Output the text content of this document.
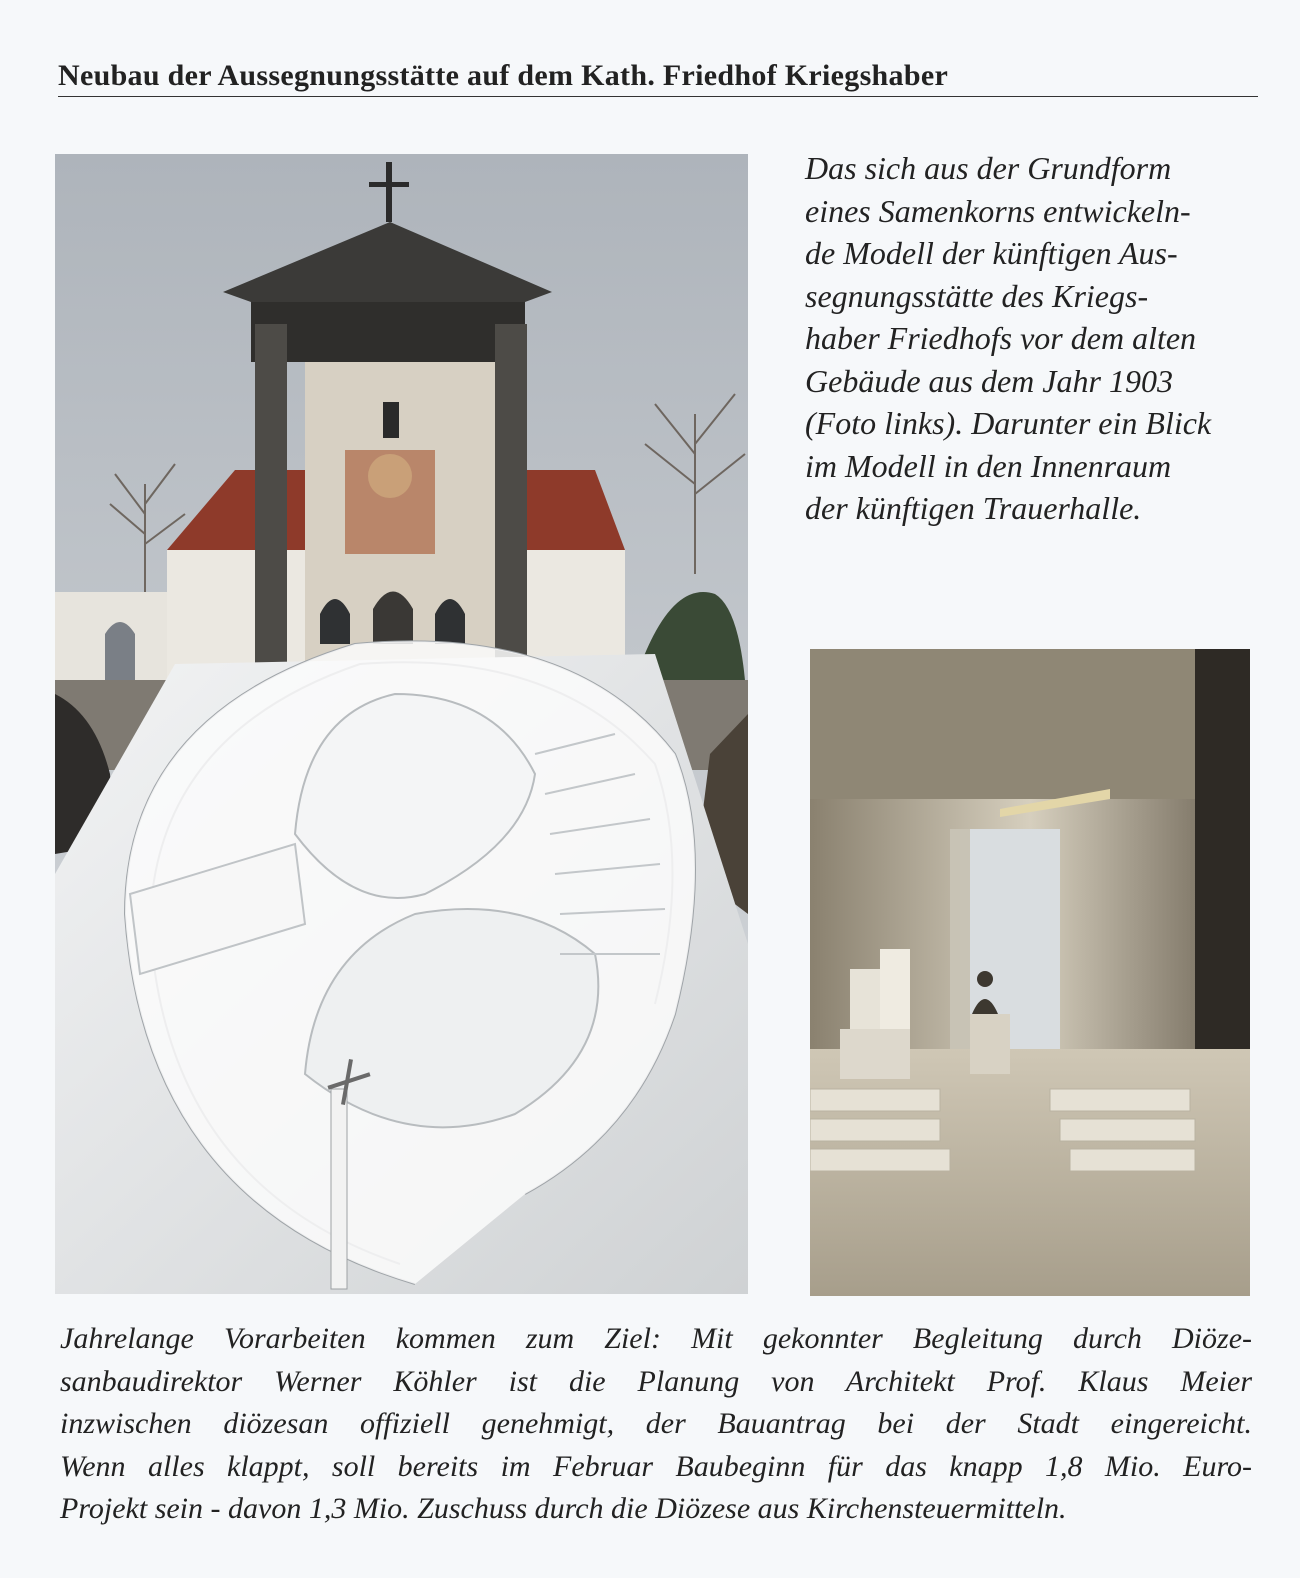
Neubau der Aussegnungsstätte auf dem Kath. Friedhof Kriegshaber
Das sich aus der Grundform
eines Samenkorns entwickeln-
de Modell der künftigen Aus-
segnungsstätte des Kriegs-
haber Friedhofs vor dem alten
Gebäude aus dem Jahr 1903
(Foto links). Darunter ein Blick
im Modell in den Innenraum
der künftigen Trauerhalle.
Jahrelange Vorarbeiten kommen zum Ziel: Mit gekonnter Begleitung durch Diöze-
sanbaudirektor Werner Köhler ist die Planung von Architekt Prof. Klaus Meier
inzwischen diözesan offiziell genehmigt, der Bauantrag bei der Stadt eingereicht.
Wenn alles klappt, soll bereits im Februar Baubeginn für das knapp 1,8 Mio. Euro-
Projekt sein - davon 1,3 Mio. Zuschuss durch die Diözese aus Kirchensteuermitteln.
